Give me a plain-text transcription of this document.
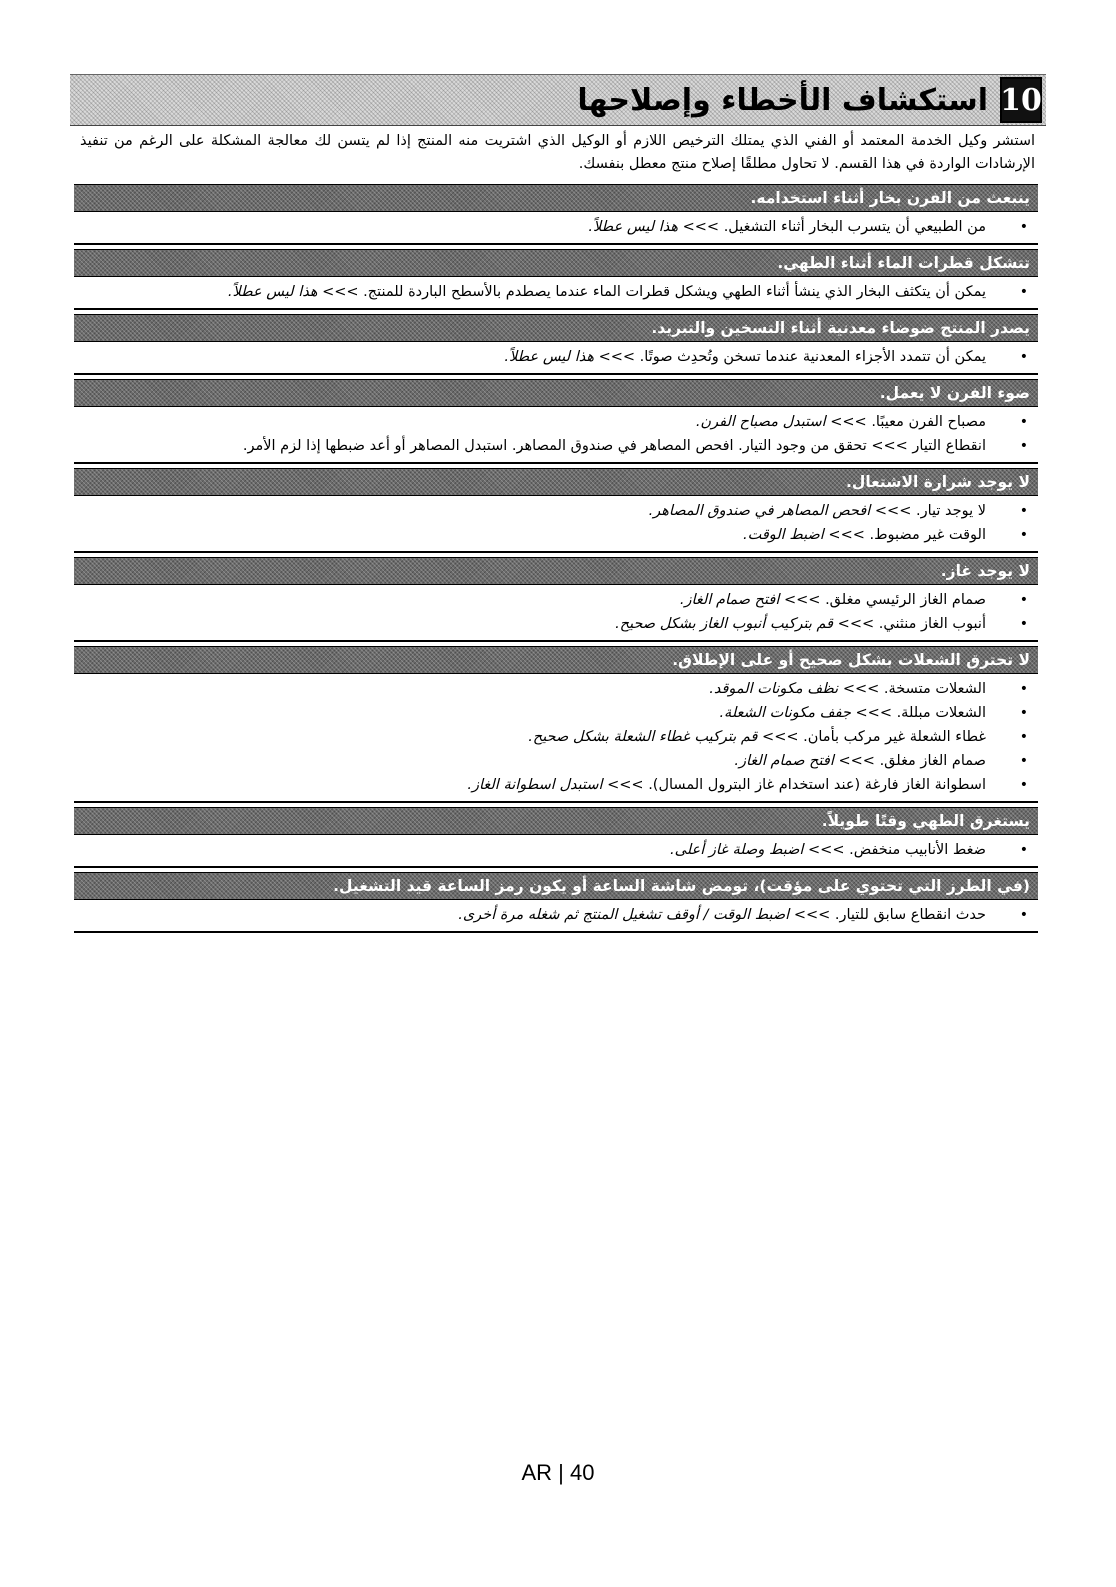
10
استكشاف الأخطاء وإصلاحها
استشر وكيل الخدمة المعتمد أو الفني الذي يمتلك الترخيص اللازم أو الوكيل الذي اشتريت منه المنتج إذا لم يتسن لك معالجة المشكلة على الرغم من تنفيذ الإرشادات الواردة في هذا القسم. لا تحاول مطلقًا إصلاح منتج معطل بنفسك.
ينبعث من الفرن بخار أثناء استخدامه.
• من الطبيعي أن يتسرب البخار أثناء التشغيل. >>> هذا ليس عطلاً.
تتشكل قطرات الماء أثناء الطهي.
• يمكن أن يتكثف البخار الذي ينشأ أثناء الطهي ويشكل قطرات الماء عندما يصطدم بالأسطح الباردة للمنتج. >>> هذا ليس عطلاً.
يصدر المنتج ضوضاء معدنية أثناء التسخين والتبريد.
• يمكن أن تتمدد الأجزاء المعدنية عندما تسخن وتُحدِث صوتًا. >>> هذا ليس عطلاً.
ضوء الفرن لا يعمل.
• مصباح الفرن معيبًا. >>> استبدل مصباح الفرن.
• انقطاع التيار >>> تحقق من وجود التيار. افحص المصاهر في صندوق المصاهر. استبدل المصاهر أو أعد ضبطها إذا لزم الأمر.
لا يوجد شرارة الاشتعال.
• لا يوجد تيار. >>> افحص المصاهر في صندوق المصاهر.
• الوقت غير مضبوط. >>> اضبط الوقت.
لا يوجد غاز.
• صمام الغاز الرئيسي مغلق. >>> افتح صمام الغاز.
• أنبوب الغاز منثني. >>> قم بتركيب أنبوب الغاز بشكل صحيح.
لا تحترق الشعلات بشكل صحيح أو على الإطلاق.
• الشعلات متسخة. >>> نظف مكونات الموقد.
• الشعلات مبللة. >>> جفف مكونات الشعلة.
• غطاء الشعلة غير مركب بأمان. >>> قم بتركيب غطاء الشعلة بشكل صحيح.
• صمام الغاز مغلق. >>> افتح صمام الغاز.
• اسطوانة الغاز فارغة (عند استخدام غاز البترول المسال). >>> استبدل اسطوانة الغاز.
يستغرق الطهي وقتًا طويلاً.
• ضغط الأنابيب منخفض. >>> اضبط وصلة غاز أعلى.
(في الطرز التي تحتوي على مؤقت)، تومض شاشة الساعة أو يكون رمز الساعة قيد التشغيل.
• حدث انقطاع سابق للتيار. >>> اضبط الوقت / أوقف تشغيل المنتج ثم شغله مرة أخرى.
AR | 40
